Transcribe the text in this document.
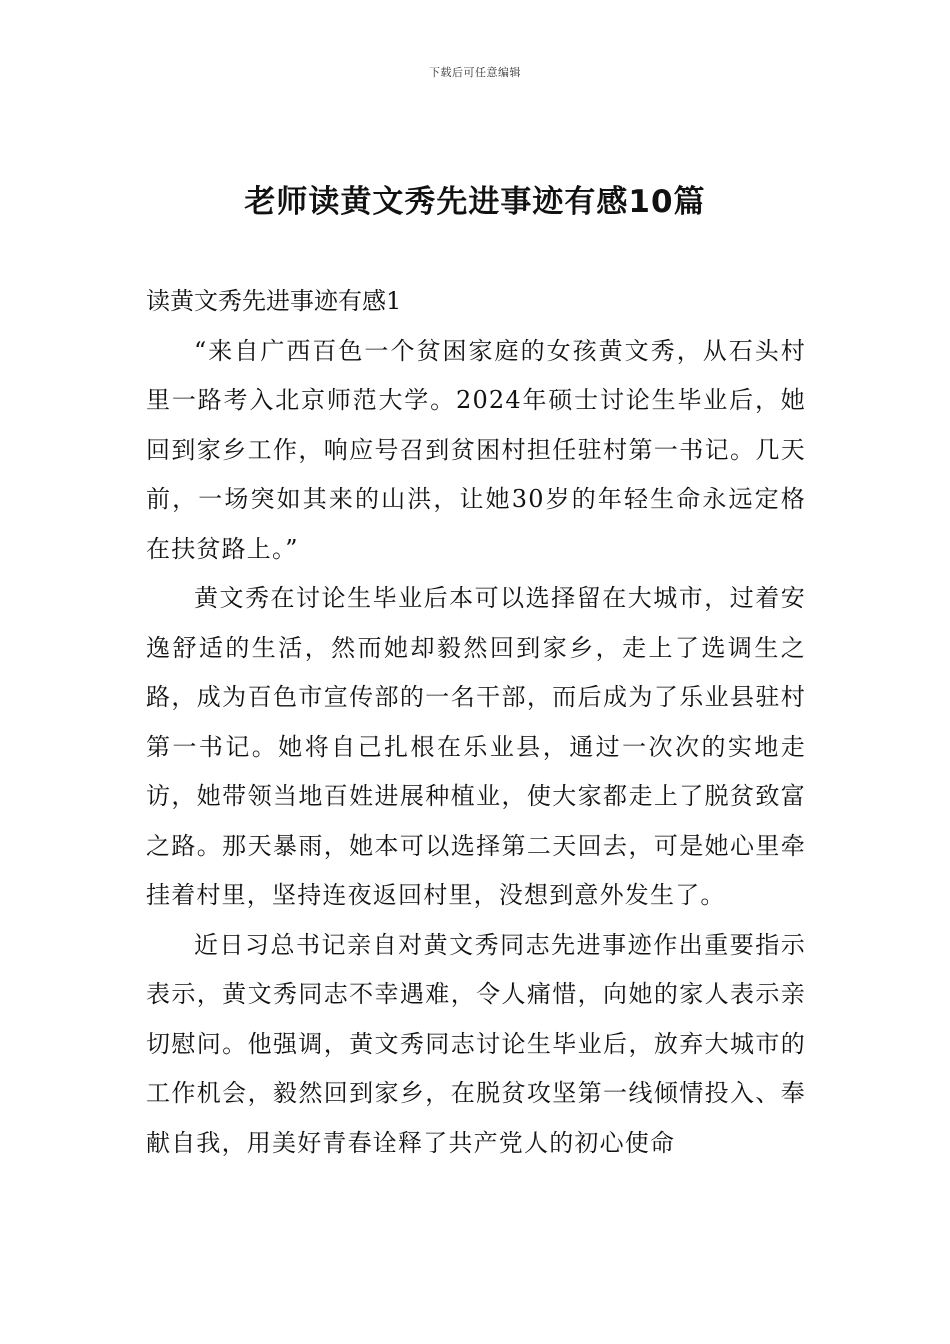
下载后可任意编辑
老师读黄文秀先进事迹有感10篇

读黄文秀先进事迹有感1

“来自广西百色一个贫困家庭的女孩黄文秀，从石头村里一路考入北京师范大学。2024年硕士讨论生毕业后，她回到家乡工作，响应号召到贫困村担任驻村第一书记。几天前，一场突如其来的山洪，让她30岁的年轻生命永远定格在扶贫路上。”

黄文秀在讨论生毕业后本可以选择留在大城市，过着安逸舒适的生活，然而她却毅然回到家乡，走上了选调生之路，成为百色市宣传部的一名干部，而后成为了乐业县驻村第一书记。她将自己扎根在乐业县，通过一次次的实地走访，她带领当地百姓进展种植业，使大家都走上了脱贫致富之路。那天暴雨，她本可以选择第二天回去，可是她心里牵挂着村里，坚持连夜返回村里，没想到意外发生了。

近日习总书记亲自对黄文秀同志先进事迹作出重要指示表示，黄文秀同志不幸遇难，令人痛惜，向她的家人表示亲切慰问。他强调，黄文秀同志讨论生毕业后，放弃大城市的工作机会，毅然回到家乡，在脱贫攻坚第一线倾情投入、奉献自我，用美好青春诠释了共产党人的初心使命
